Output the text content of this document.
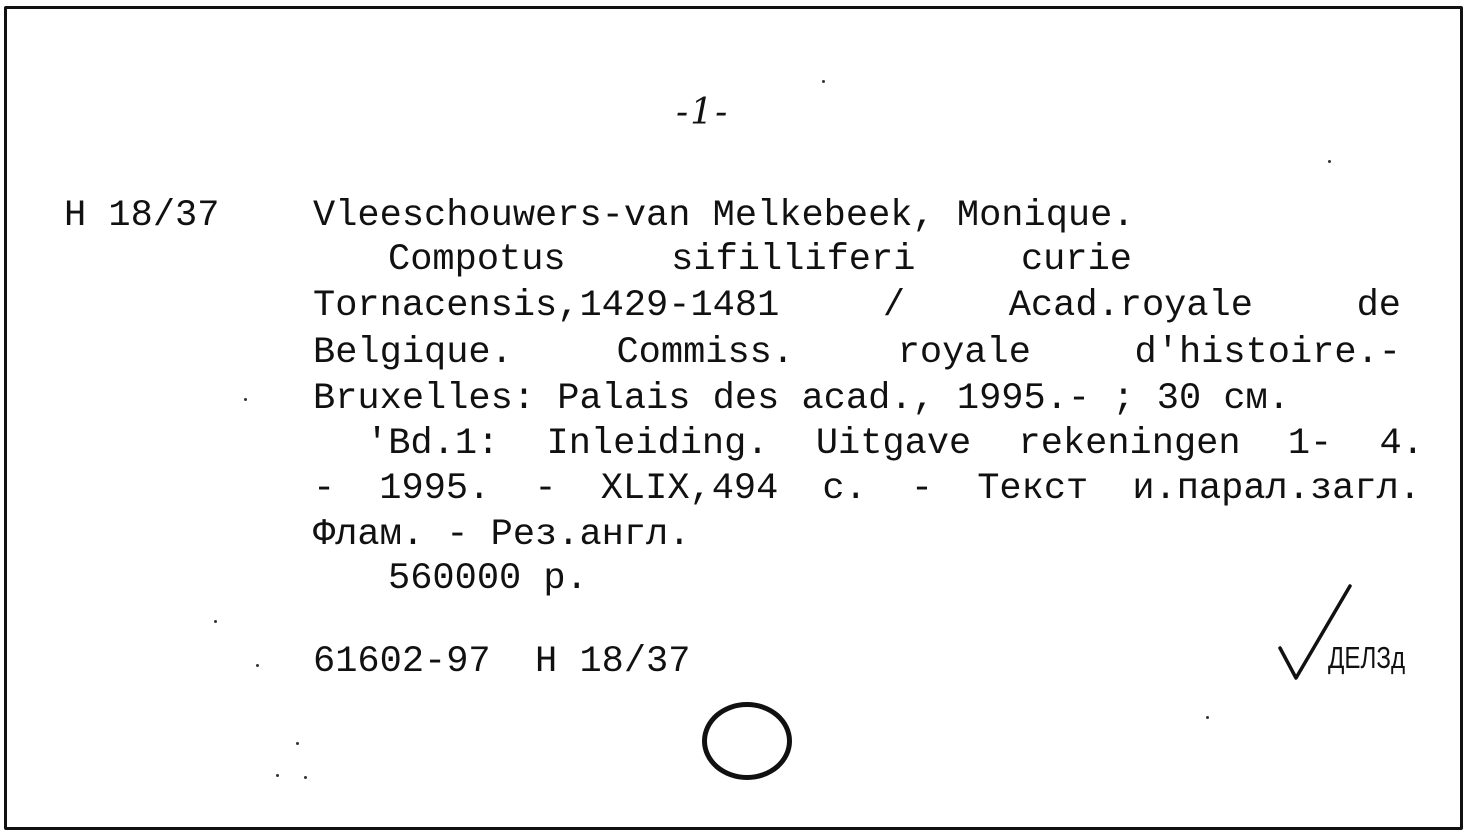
-1-
H 18/37	Vleeschouwers-van Melkebeek, Monique.
Compotus	sifilliferi	curie
Tornacensis,1429-1481	/	Acad.royale	de
Belgique.	Commiss.	royale	d'histoire.-
Bruxelles: Palais des acad., 1995.- ; 30 см.
'Bd.1: Inleiding. Uitgave rekeningen 1- 4.
- 1995. - XLIX,494 c. - Текст и.парал.загл.
Флам. - Рез.англ.
560000 р.
61602-97  H 18/37	ДЕЛЗд
